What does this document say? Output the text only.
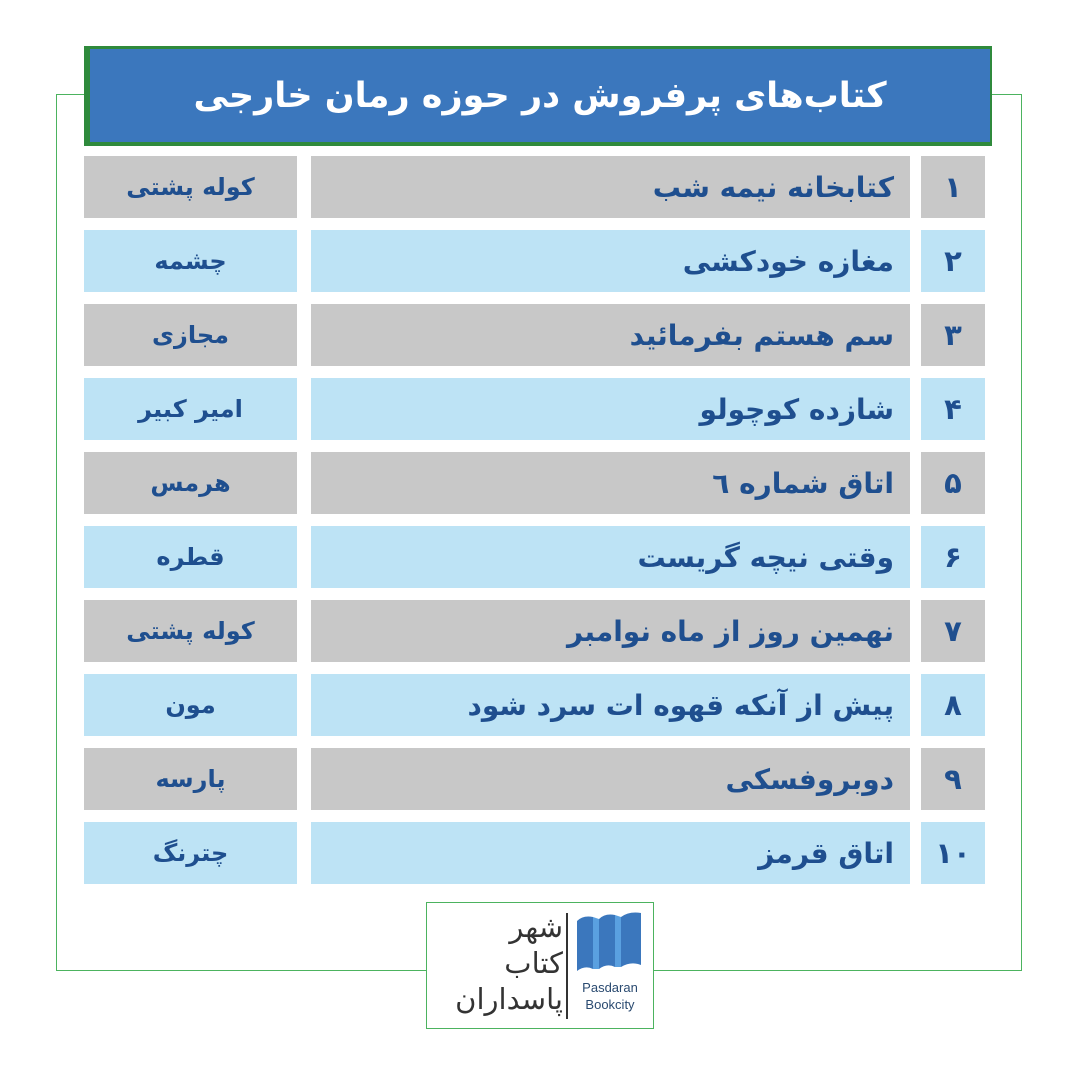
کتاب‌های پرفروش در حوزه رمان خارجی
۱
کتابخانه نیمه شب
کوله پشتی
۲
مغازه خودکشی
چشمه
۳
سم هستم بفرمائید
مجازی
۴
شازده کوچولو
امیر کبیر
۵
اتاق شماره ٦
هرمس
۶
وقتی نیچه گریست
قطره
۷
نهمین روز از ماه نوامبر
کوله پشتی
۸
پیش از آنکه قهوه ات سرد شود
مون
۹
دوبروفسکی
پارسه
۱۰
اتاق قرمز
چترنگ
شهر
کتاب
پاسداران	Pasdaran
Bookcity
